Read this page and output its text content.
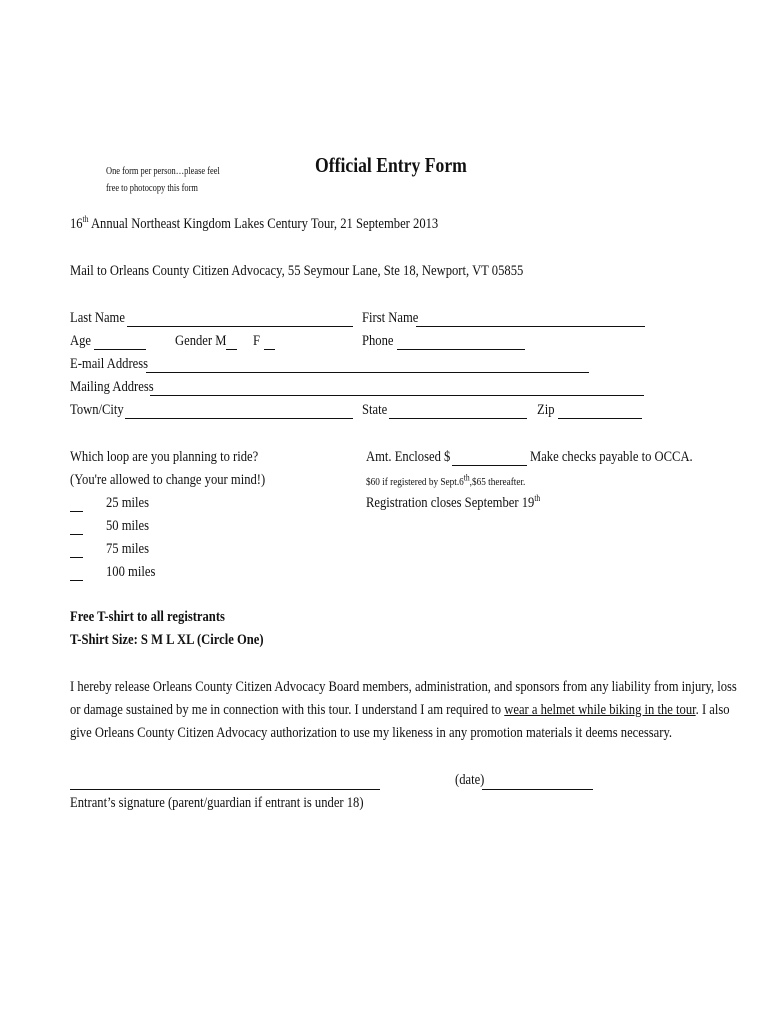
One form per person…please feel
free to photocopy this form
Official Entry Form
16th Annual Northeast Kingdom Lakes Century Tour, 21 September 2013
Mail to Orleans County Citizen Advocacy, 55 Seymour Lane, Ste 18, Newport, VT 05855
Last Name	First Name
Age	Gender M F	Phone
E-mail Address
Mailing Address
Town/City	State	Zip
Which loop are you planning to ride?
(You're allowed to change your mind!)
25 miles
50 miles
75 miles
100 miles
Amt. Enclosed $	Make checks payable to OCCA.
$60 if registered by Sept.6th,$65 thereafter.
Registration closes September 19th
Free T-shirt to all registrants
T-Shirt Size: S M L XL (Circle One)
I hereby release Orleans County Citizen Advocacy Board members, administration, and sponsors from any liability from injury, loss
or damage sustained by me in connection with this tour. I understand I am required to wear a helmet while biking in the tour. I also
give Orleans County Citizen Advocacy authorization to use my likeness in any promotion materials it deems necessary.
(date)
Entrant’s signature (parent/guardian if entrant is under 18)
